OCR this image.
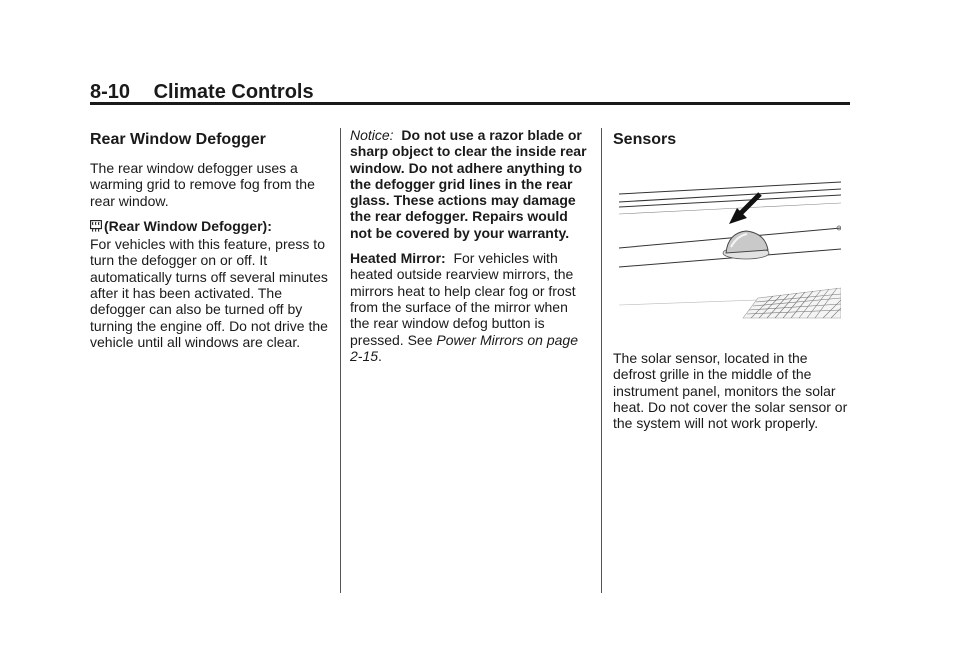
8-10 Climate Controls
Rear Window Defogger

The rear window defogger uses a warming grid to remove fog from the rear window.

(Rear Window Defogger):
For vehicles with this feature, press to turn the defogger on or off. It automatically turns off several minutes after it has been activated. The defogger can also be turned off by turning the engine off. Do not drive the vehicle until all windows are clear.

Notice: Do not use a razor blade or sharp object to clear the inside rear window. Do not adhere anything to the defogger grid lines in the rear glass. These actions may damage the rear defogger. Repairs would not be covered by your warranty.

Heated Mirror: For vehicles with heated outside rearview mirrors, the mirrors heat to help clear fog or frost from the surface of the mirror when the rear window defog button is pressed. See Power Mirrors on page 2-15.

Sensors

The solar sensor, located in the defrost grille in the middle of the instrument panel, monitors the solar heat. Do not cover the solar sensor or the system will not work properly.
